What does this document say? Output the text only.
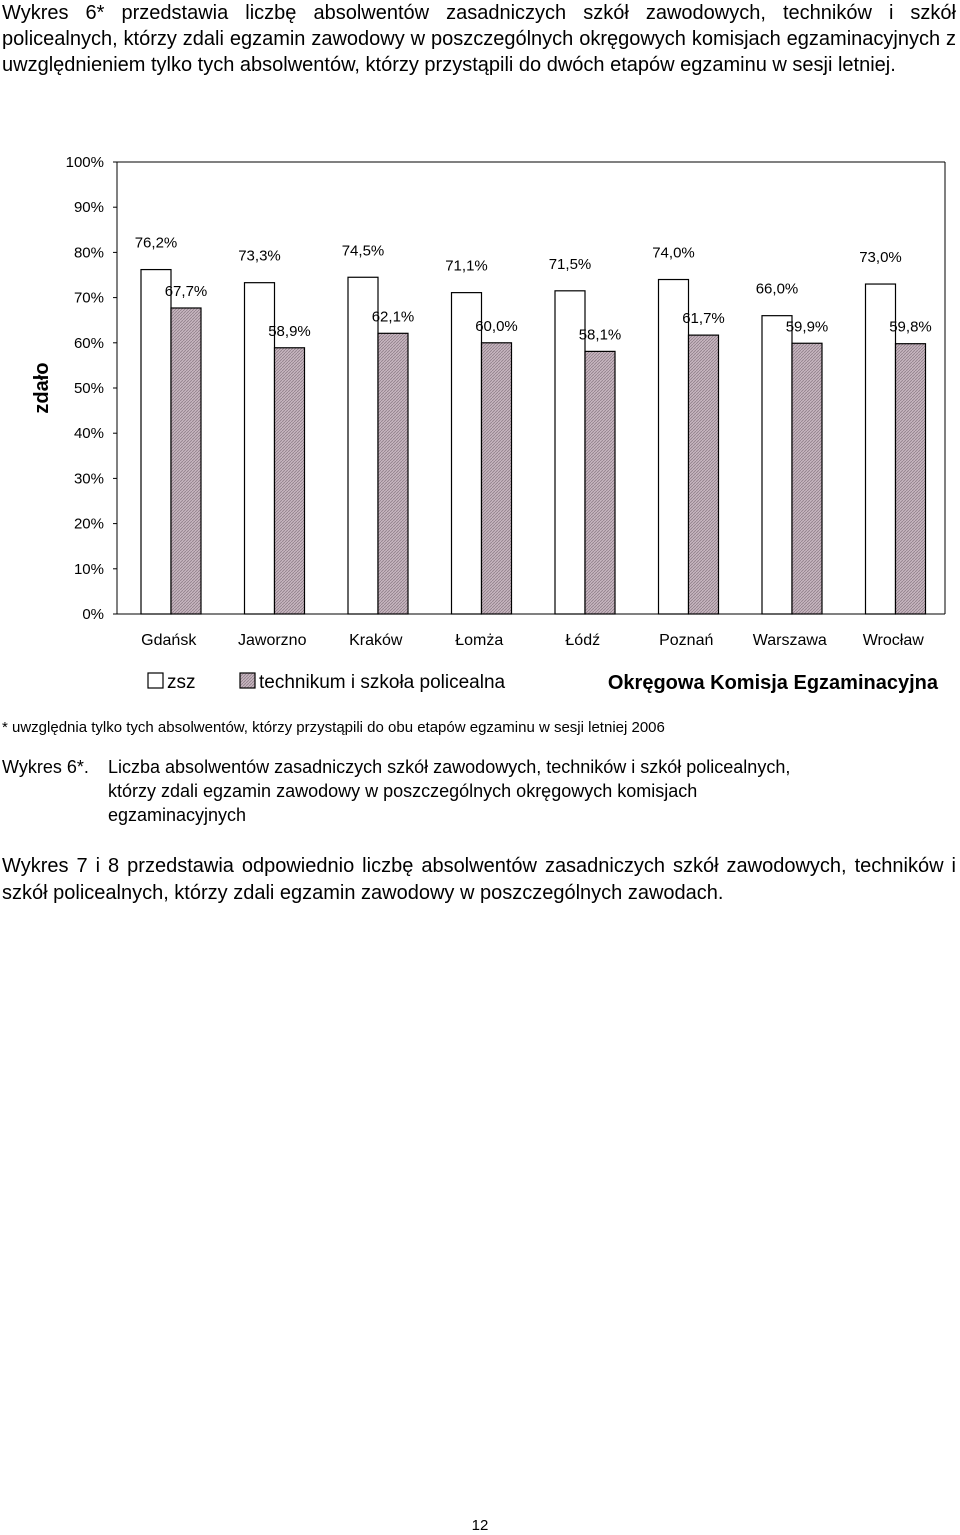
Wykres 6* przedstawia liczbę absolwentów zasadniczych szkół zawodowych, techników i szkół policealnych, którzy zdali egzamin zawodowy w poszczególnych okręgowych komisjach egzaminacyjnych z uwzględnieniem tylko tych absolwentów, którzy przystąpili do dwóch etapów egzaminu w sesji letniej.

0%
10%
20%
30%
40%
50%
60%
70%
80%
90%
100%
zdało
Gdańsk	Jaworzno	Kraków	Łomża	Łódź	Poznań Warszawa Wrocław
76,2%
67,7%
73,3%
58,9%
74,5%
62,1%
71,1%
60,0%
71,5%
58,1%
74,0%
61,7%
66,0%
59,9%
73,0%
59,8%
zsz	technikum i szkoła policealna	Okręgowa Komisja Egzaminacyjna

* uwzględnia tylko tych absolwentów, którzy przystąpili do obu etapów egzaminu w sesji letniej 2006

Wykres 6*. Liczba absolwentów zasadniczych szkół zawodowych, techników i szkół policealnych,
którzy zdali egzamin zawodowy w poszczególnych okręgowych komisjach
egzaminacyjnych

Wykres 7 i 8 przedstawia odpowiednio liczbę absolwentów zasadniczych szkół zawodowych, techników i szkół policealnych, którzy zdali egzamin zawodowy w poszczególnych zawodach.

12
